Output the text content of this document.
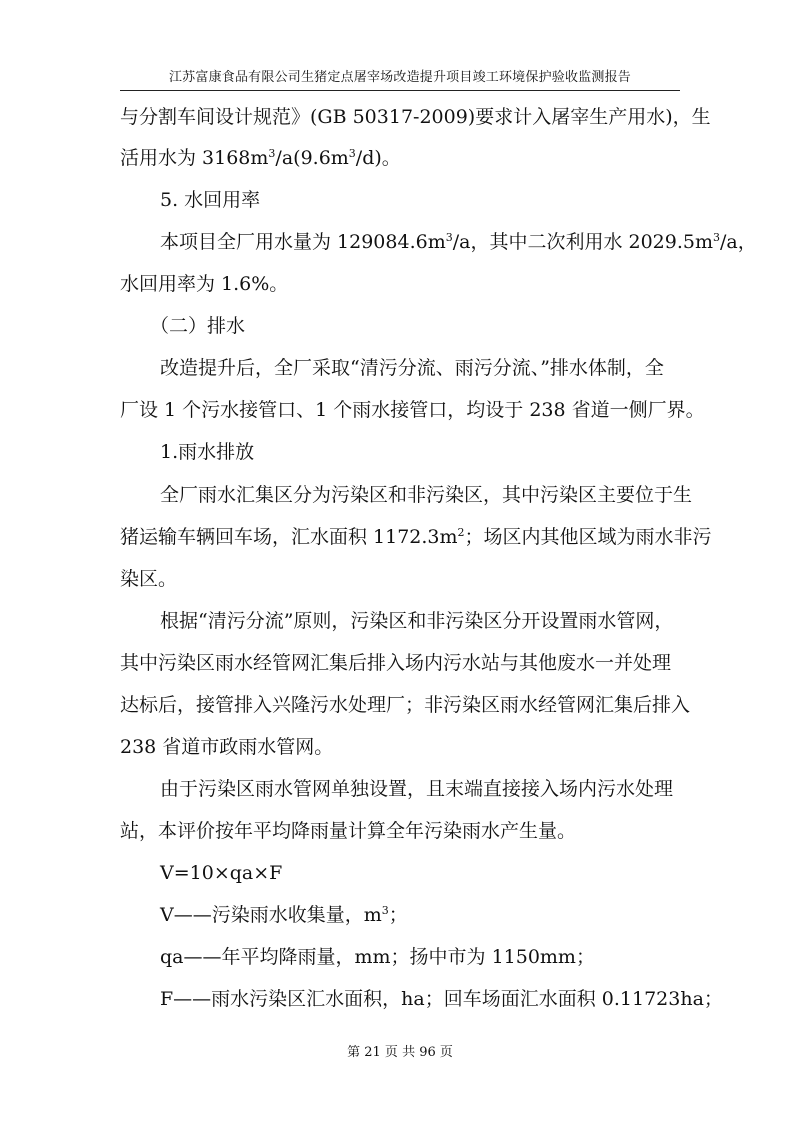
江苏富康食品有限公司生猪定点屠宰场改造提升项目竣工环境保护验收监测报告
与分割车间设计规范》(GB 50317-2009)要求计入屠宰生产用水)，生
活用水为 $3168m^3/a(9.6m^3/d)$。
5. 水回用率
本项目全厂用水量为 $129084.6m^3/a$，其中二次利用水 $2029.5m^3/a$，
水回用率为 1.6%。
（二）排水
改造提升后，全厂采取“清污分流、雨污分流、”排水体制，全
厂设 1 个污水接管口、1 个雨水接管口，均设于 238 省道一侧厂界。
1.雨水排放
全厂雨水汇集区分为污染区和非污染区，其中污染区主要位于生
猪运输车辆回车场，汇水面积 $1172.3m^2$；场区内其他区域为雨水非污
染区。
根据“清污分流”原则，污染区和非污染区分开设置雨水管网，
其中污染区雨水经管网汇集后排入场内污水站与其他废水一并处理
达标后，接管排入兴隆污水处理厂；非污染区雨水经管网汇集后排入
238 省道市政雨水管网。
由于污染区雨水管网单独设置，且末端直接接入场内污水处理
站，本评价按年平均降雨量计算全年污染雨水产生量。
V=10×qa×F
V——污染雨水收集量，$m^3$；
qa——年平均降雨量，mm；扬中市为 1150mm；
F——雨水污染区汇水面积，ha；回车场面汇水面积 0.11723ha；
第 21 页 共 96 页
